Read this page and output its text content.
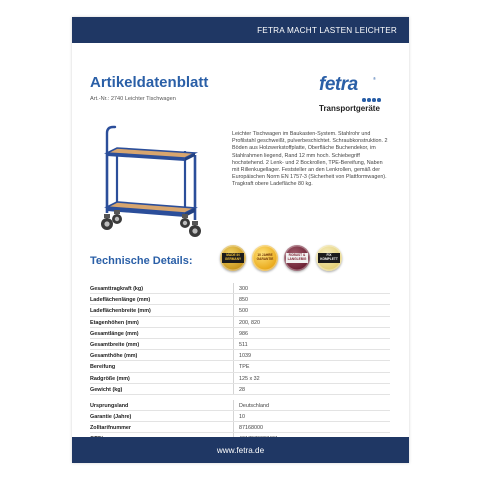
FETRA MACHT LASTEN LEICHTER
Artikeldatenblatt
Art.-Nr.: 2740 Leichter Tischwagen
fetra	®
Transportgeräte
Leichter Tischwagen im Baukasten-System. Stahlrohr und Profilstahl geschweißt, pulverbeschichtet. Schraubkonstruktion. 2 Böden aus Holzwerkstoffplatte, Oberfläche Buchendekor, im Stahlrahmen liegend, Rand 12 mm hoch. Schiebegriff hochstehend. 2 Lenk- und 2 Bockrollen, TPE-Bereifung, Naben mit Rillenkugellager. Feststeller an den Lenkrollen, gemäß der Europäischen Norm EN 1757-3 (Sicherheit von Plattformwagen). Tragkraft obere Ladefläche 80 kg.
Technische Details:	MADE IN GERMANY
10 JAHRE GARANTIE
ROBUST & LANGLEBIG
FIX KOMPLETT
Gesamttragkraft (kg)	300
Ladeflächenlänge (mm)	850
Ladeflächenbreite (mm)	500
Etagenhöhen (mm)	200, 820
Gesamtlänge (mm)	986
Gesamtbreite (mm)	511
Gesamthöhe (mm)	1039
Bereifung	TPE
Radgröße (mm)	125 x 32
Gewicht (kg)	28
Ursprungsland	Deutschland
Garantie (Jahre)	10
Zolltarifnummer	87168000
www.fetra.de
